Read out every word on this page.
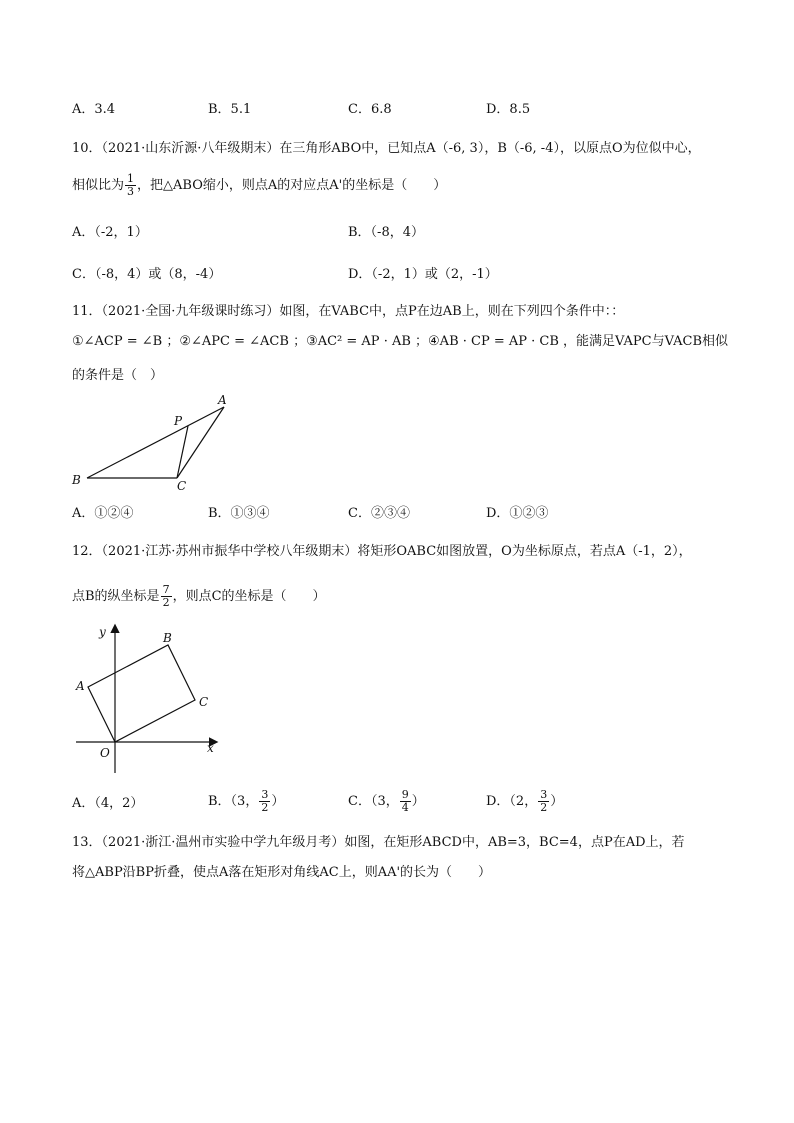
A．3.4	B．5.1	C．6.8	D．8.5
10．（2021·山东沂源·八年级期末）在三角形ABO中，已知点A（-6, 3），B（-6, -4），以原点O为位似中心，
相似比为 $\frac{1}{3}$ ，把△ABO缩小，则点A的对应点A'的坐标是（　　）
A．（-2，1）	B．（-8，4）
C．（-8，4）或（8，-4）	D．（-2，1）或（2，-1）
11．（2021·全国·九年级课时练习）如图，在VABC中，点P在边AB上，则在下列四个条件中：：
①∠ACP = ∠B ；②∠APC = ∠ACB ；③AC² = AP · AB ；④AB · CP = AP · CB ，能满足VAPC与VACB相似
的条件是（　）
A
P
B	C
A．①②④	B．①③④	C．②③④	D．①②③
12．（2021·江苏·苏州市振华中学校八年级期末）将矩形OABC如图放置，O为坐标原点，若点A（-1，2），
点B的纵坐标是 $\frac{7}{2}$ ，则点C的坐标是（　　）
y	B
A
C
O	x
A．（4，2）	B．（3， $\frac{3}{2}$ ）	C．（3， $\frac{9}{4}$ ）	D．（2， $\frac{3}{2}$ ）
13．（2021·浙江·温州市实验中学九年级月考）如图，在矩形ABCD中，AB=3，BC=4，点P在AD上，若
将△ABP沿BP折叠，使点A落在矩形对角线AC上，则AA'的长为（　　）
